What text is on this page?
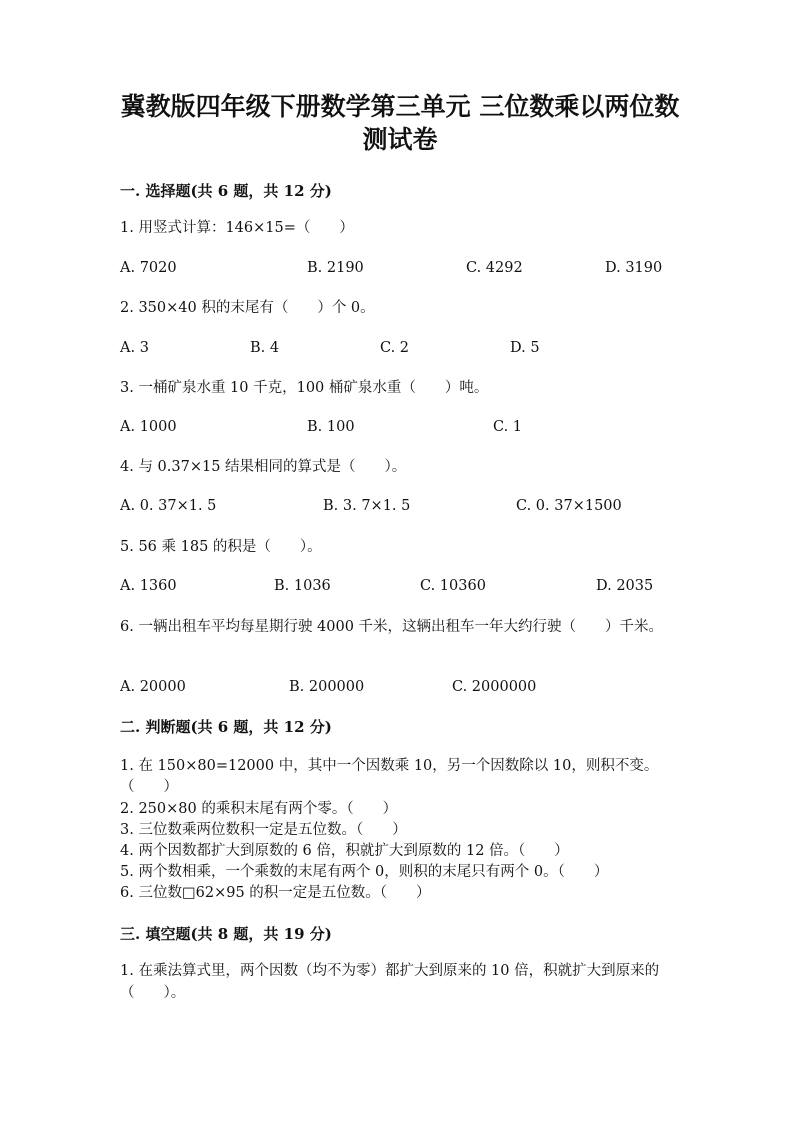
冀教版四年级下册数学第三单元 三位数乘以两位数
测试卷
一. 选择题(共 6 题，共 12 分)
1. 用竖式计算：146×15=（　　）
A. 7020	B. 2190	C. 4292	D. 3190
2. 350×40 积的末尾有（　　）个 0。
A. 3	B. 4	C. 2	D. 5
3. 一桶矿泉水重 10 千克，100 桶矿泉水重（　　）吨。
A. 1000	B. 100	C. 1
4. 与 0.37×15 结果相同的算式是（　　）。
A. 0. 37×1. 5	B. 3. 7×1. 5	C. 0. 37×1500
5. 56 乘 185 的积是（　　）。
A. 1360	B. 1036	C. 10360	D. 2035
6. 一辆出租车平均每星期行驶 4000 千米，这辆出租车一年大约行驶（　　）千米。
A. 20000	B. 200000	C. 2000000
二. 判断题(共 6 题，共 12 分)
1. 在 150×80=12000 中，其中一个因数乘 10，另一个因数除以 10，则积不变。（　　）
2. 250×80 的乘积末尾有两个零。（　　）
3. 三位数乘两位数积一定是五位数。（　　）
4. 两个因数都扩大到原数的 6 倍，积就扩大到原数的 12 倍。（　　）
5. 两个数相乘，一个乘数的末尾有两个 0，则积的末尾只有两个 0。（　　）
6. 三位数□62×95 的积一定是五位数。（　　）
三. 填空题(共 8 题，共 19 分)
1. 在乘法算式里，两个因数（均不为零）都扩大到原来的 10 倍，积就扩大到原来的（　　）。
